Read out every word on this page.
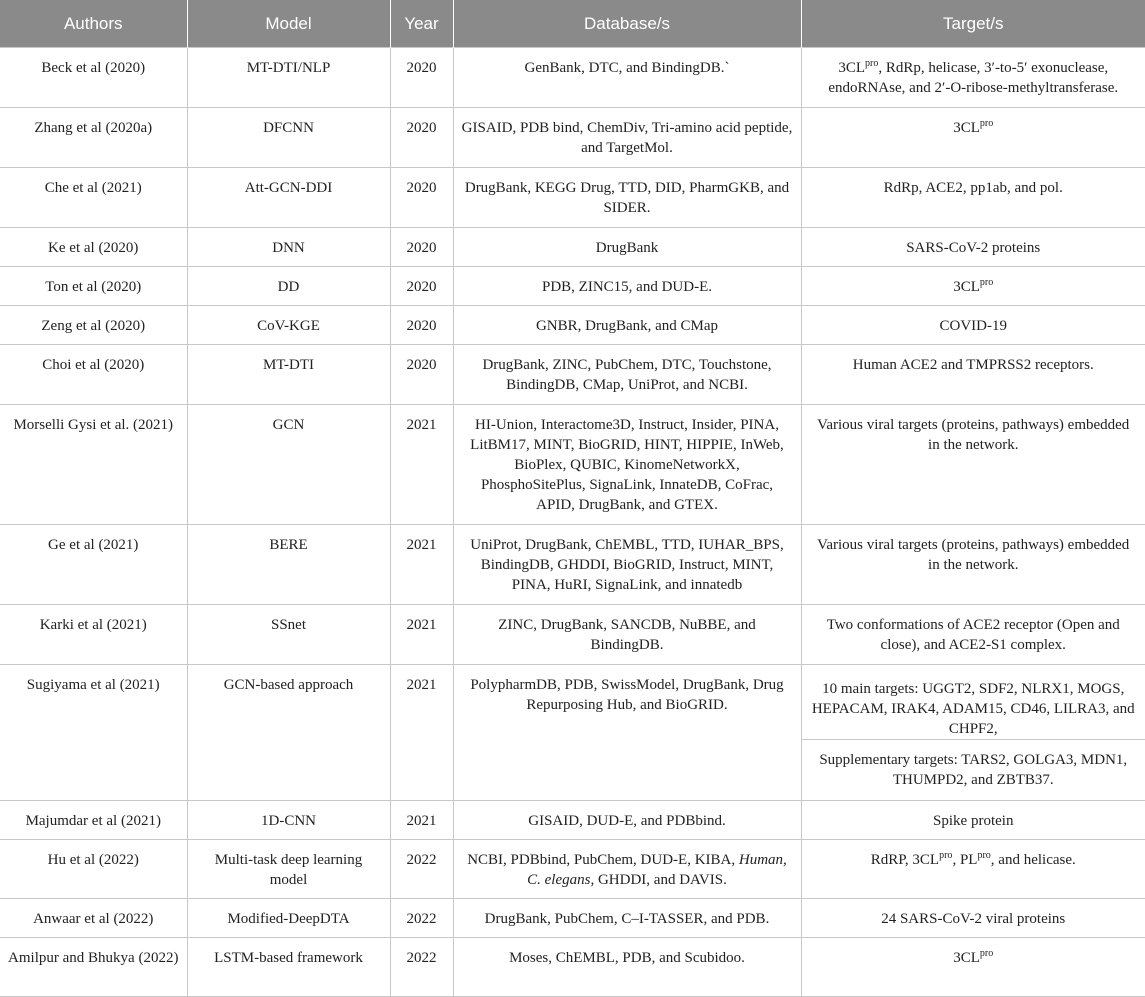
Authors	Model	Year	Database/s	Target/s
Beck et al (2020)	MT-DTI/NLP	2020	GenBank, DTC, and BindingDB.`	$3CL^{pro}$, RdRp, helicase, 3′-to-5′ exonuclease, endoRNAse, and 2′-O-ribose-methyltransferase.
Zhang et al (2020a)	DFCNN	2020	GISAID, PDB bind, ChemDiv, Tri-amino acid peptide, and TargetMol.	$3CL^{pro}$
Che et al (2021)	Att-GCN-DDI	2020	DrugBank, KEGG Drug, TTD, DID, PharmGKB, and SIDER.	RdRp, ACE2, pp1ab, and pol.
Ke et al (2020)	DNN	2020	DrugBank	SARS-CoV-2 proteins
Ton et al (2020)	DD	2020	PDB, ZINC15, and DUD-E.	$3CL^{pro}$
Zeng et al (2020)	CoV-KGE	2020	GNBR, DrugBank, and CMap	COVID-19
Choi et al (2020)	MT-DTI	2020	DrugBank, ZINC, PubChem, DTC, Touchstone, BindingDB, CMap, UniProt, and NCBI.	Human ACE2 and TMPRSS2 receptors.
Morselli Gysi et al. (2021)	GCN	2021	HI-Union, Interactome3D, Instruct, Insider, PINA, LitBM17, MINT, BioGRID, HINT, HIPPIE, InWeb, BioPlex, QUBIC, KinomeNetworkX, PhosphoSitePlus, SignaLink, InnateDB, CoFrac, APID, DrugBank, and GTEX.	Various viral targets (proteins, pathways) embedded in the network.
Ge et al (2021)	BERE	2021	UniProt, DrugBank, ChEMBL, TTD, IUHAR_BPS, BindingDB, GHDDI, BioGRID, Instruct, MINT, PINA, HuRI, SignaLink, and innatedb	Various viral targets (proteins, pathways) embedded in the network.
Karki et al (2021)	SSnet	2021	ZINC, DrugBank, SANCDB, NuBBE, and BindingDB.	Two conformations of ACE2 receptor (Open and close), and ACE2-S1 complex.
Sugiyama et al (2021)	GCN-based approach	2021	PolypharmDB, PDB, SwissModel, DrugBank, Drug Repurposing Hub, and BioGRID.	10 main targets: UGGT2, SDF2, NLRX1, MOGS, HEPACAM, IRAK4, ADAM15, CD46, LILRA3, and CHPF2,
				Supplementary targets: TARS2, GOLGA3, MDN1, THUMPD2, and ZBTB37.
Majumdar et al (2021)	1D-CNN	2021	GISAID, DUD-E, and PDBbind.	Spike protein
Hu et al (2022)	Multi-task deep learning model	2022	NCBI, PDBbind, PubChem, DUD-E, KIBA, Human, C. elegans, GHDDI, and DAVIS.	RdRP, $3CL^{pro}$, $PL^{pro}$, and helicase.
Anwaar et al (2022)	Modified-DeepDTA	2022	DrugBank, PubChem, C–I-TASSER, and PDB.	24 SARS-CoV-2 viral proteins
Amilpur and Bhukya (2022)	LSTM-based framework	2022	Moses, ChEMBL, PDB, and Scubidoo.	$3CL^{pro}$
